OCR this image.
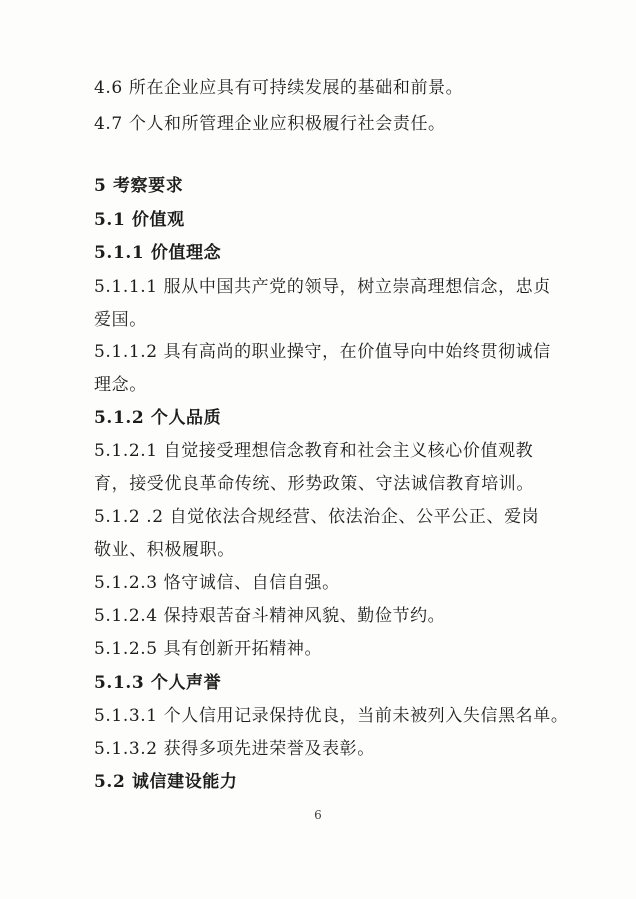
4.6 所在企业应具有可持续发展的基础和前景。
4.7 个人和所管理企业应积极履行社会责任。
5 考察要求
5.1 价值观
5.1.1 价值理念
5.1.1.1 服从中国共产党的领导，树立崇高理想信念，忠贞
爱国。
5.1.1.2 具有高尚的职业操守，在价值导向中始终贯彻诚信
理念。
5.1.2 个人品质
5.1.2.1 自觉接受理想信念教育和社会主义核心价值观教
育，接受优良革命传统、形势政策、守法诚信教育培训。
5.1.2 .2 自觉依法合规经营、依法治企、公平公正、爱岗
敬业、积极履职。
5.1.2.3 恪守诚信、自信自强。
5.1.2.4 保持艰苦奋斗精神风貌、勤俭节约。
5.1.2.5 具有创新开拓精神。
5.1.3 个人声誉
5.1.3.1 个人信用记录保持优良，当前未被列入失信黑名单。
5.1.3.2 获得多项先进荣誉及表彰。
5.2 诚信建设能力
6
